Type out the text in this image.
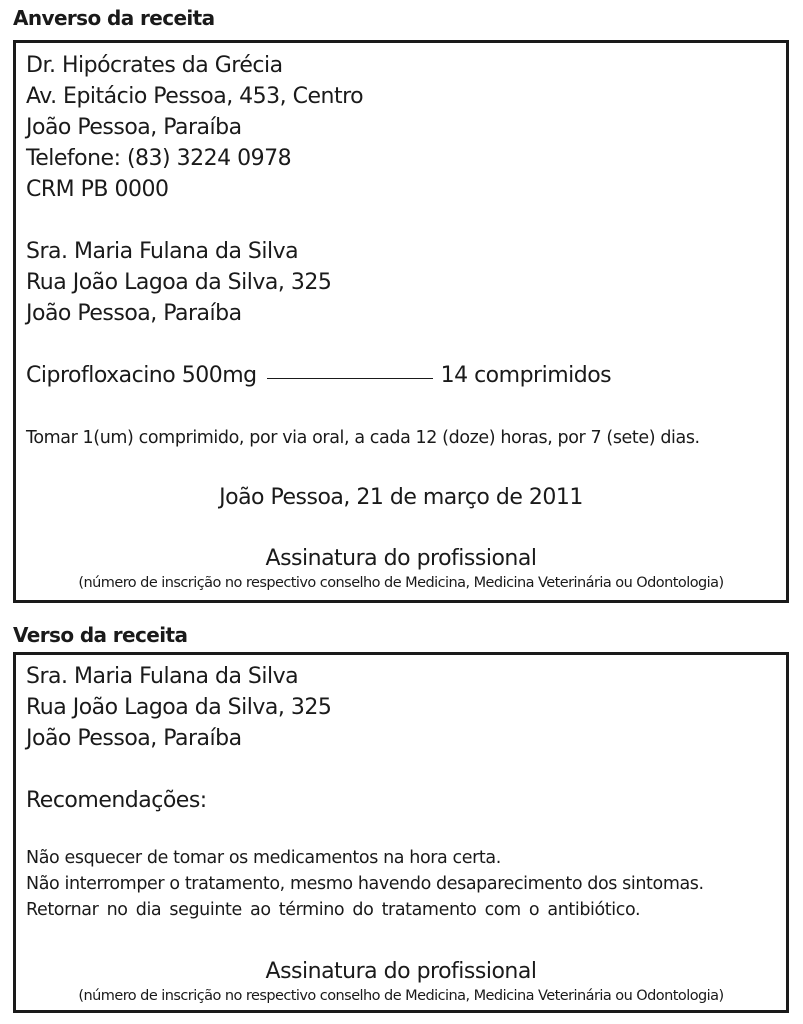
Anverso da receita
Dr. Hipócrates da Grécia
Av. Epitácio Pessoa, 453, Centro
João Pessoa, Paraíba
Telefone: (83) 3224 0978
CRM PB 0000
Sra. Maria Fulana da Silva
Rua João Lagoa da Silva, 325
João Pessoa, Paraíba
Ciprofloxacino 500mg	14 comprimidos
Tomar 1(um) comprimido, por via oral, a cada 12 (doze) horas, por 7 (sete) dias.
João Pessoa, 21 de março de 2011
Assinatura do profissional
(número de inscrição no respectivo conselho de Medicina, Medicina Veterinária ou Odontologia)
Verso da receita
Sra. Maria Fulana da Silva
Rua João Lagoa da Silva, 325
João Pessoa, Paraíba
Recomendações:
Não esquecer de tomar os medicamentos na hora certa.
Não interromper o tratamento, mesmo havendo desaparecimento dos sintomas.
Retornar no dia seguinte ao término do tratamento com o antibiótico.
Assinatura do profissional
(número de inscrição no respectivo conselho de Medicina, Medicina Veterinária ou Odontologia)
